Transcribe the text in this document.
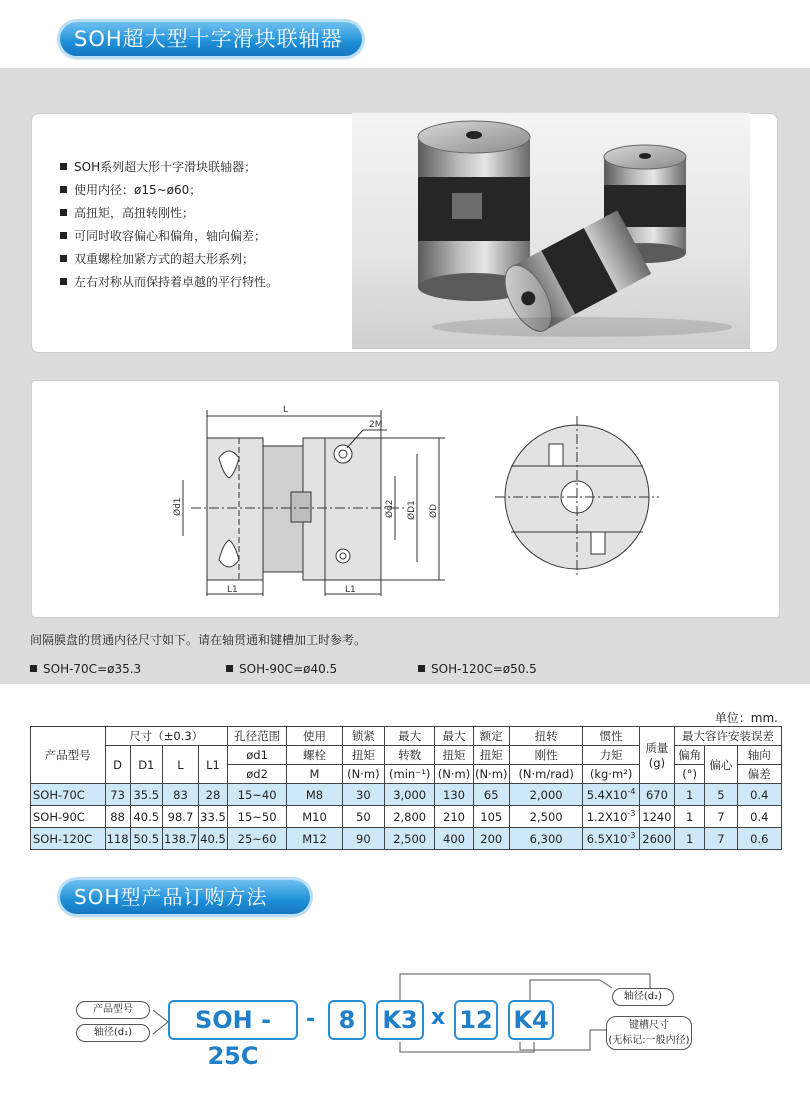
SOH超大型十字滑块联轴器
SOH系列超大形十字滑块联轴器；
使用内径：ø15~ø60；
高扭矩，高扭转刚性；
可同时收容偏心和偏角，轴向偏差；
双重螺栓加紧方式的超大形系列；
左右对称从而保持着卓越的平行特性。
L
2M
Ød1	Ød2 ØD1 ØD
L1	L1
间隔膜盘的贯通内径尺寸如下。请在轴贯通和键槽加工时参考。
SOH-70C=ø35.3	SOH-90C=ø40.5	SOH-120C=ø50.5
单位：mm.
产品型号	尺寸（±0.3）				孔径范围	使用	锁紧	最大	最大	额定	扭转	惯性	质量
(g)	最大容许安装误差		
	D	D1	L	L1	ød1	螺栓	扭矩	转数	扭矩	扭矩	刚性	力矩		偏角	偏心	轴向
					ød2	M	(N·m)	(min⁻¹)	(N·m)	(N·m)	(N·m/rad)	(kg·m²)		(°)		偏差
SOH-70C	73	35.5	83	28	15~40	M8	30	3,000	130	65	2,000	$5.4X10^{-4}$	670	1	5	0.4
SOH-90C	88	40.5	98.7	33.5	15~50	M10	50	2,800	210	105	2,500	$1.2X10^{-3}$	1240	1	7	0.4
SOH-120C	118	50.5	138.7	40.5	25~60	M12	90	2,500	400	200	6,300	$6.5X10^{-3}$	2600	1	7	0.6
SOH型产品订购方法
产品型号
轴径(d₁)	SOH - 25C
- 8	K3 x 12 K4
轴径(d₂)
键槽尺寸
(无标记:一般内径)
